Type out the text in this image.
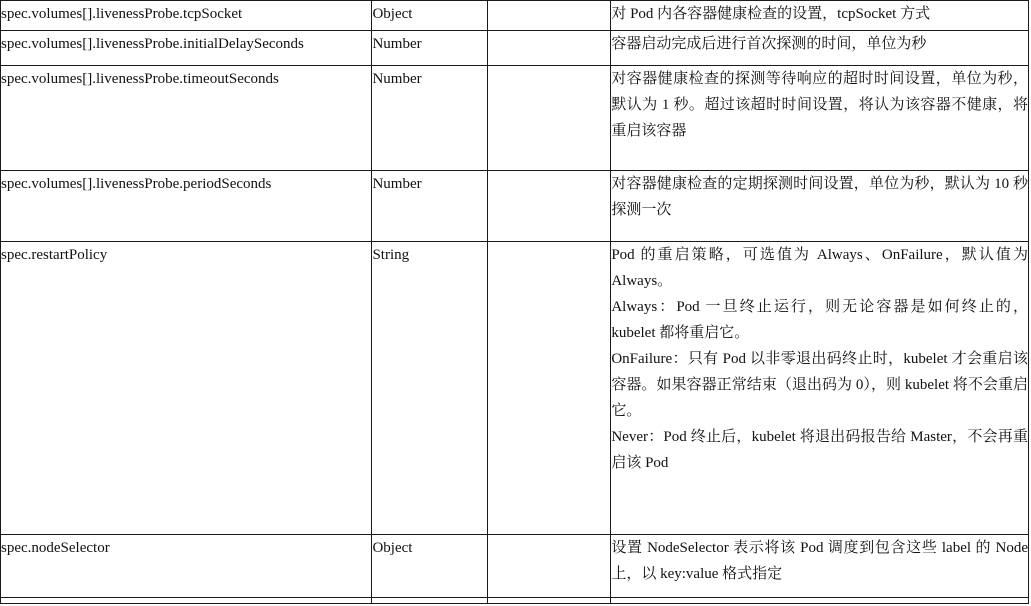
spec.volumes[].livenessProbe.tcpSocket	Object		对 Pod 内各容器健康检查的设置，tcpSocket 方式

spec.volumes[].livenessProbe.initialDelaySeconds	Number		容器启动完成后进行首次探测的时间，单位为秒

spec.volumes[].livenessProbe.timeoutSeconds	Number		对容器健康检查的探测等待响应的超时时间设置，单位为秒，默认为 1 秒。超过该超时时间设置，将认为该容器不健康，将重启该容器

spec.volumes[].livenessProbe.periodSeconds	Number		对容器健康检查的定期探测时间设置，单位为秒，默认为 10 秒探测一次

spec.restartPolicy	String		Pod 的重启策略，可选值为 Always、OnFailure，默认值为 Always。
Always：Pod 一旦终止运行，则无论容器是如何终止的，kubelet 都将重启它。
OnFailure：只有 Pod 以非零退出码终止时，kubelet 才会重启该容器。如果容器正常结束（退出码为 0），则 kubelet 将不会重启它。
Never：Pod 终止后，kubelet 将退出码报告给 Master，不会再重启该 Pod

spec.nodeSelector	Object		设置 NodeSelector 表示将该 Pod 调度到包含这些 label 的 Node 上，以 key:value 格式指定
